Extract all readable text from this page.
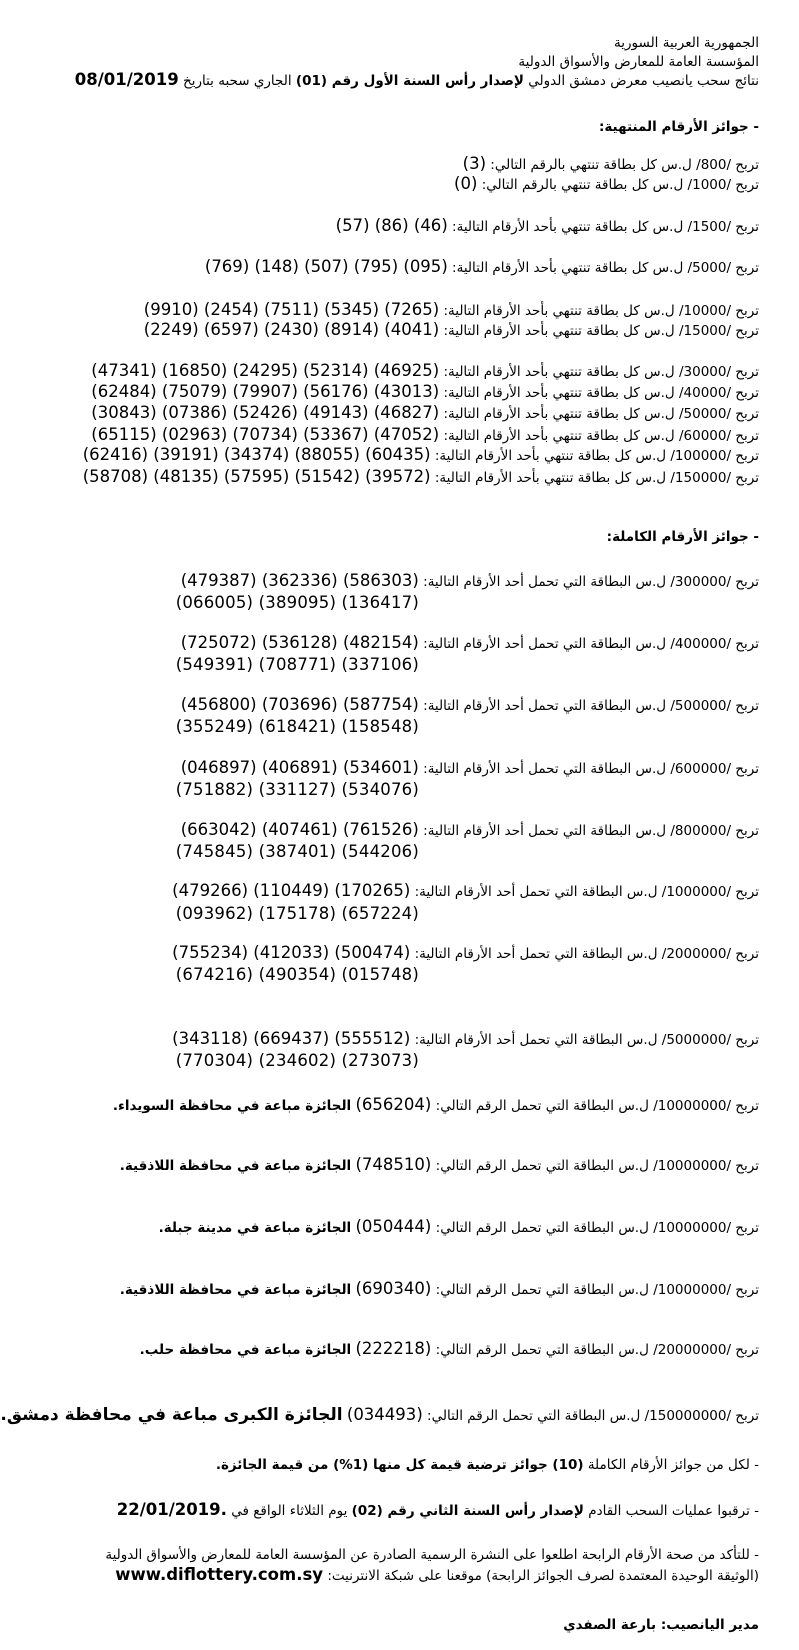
الجمهورية العربية السورية
المؤسسة العامة للمعارض والأسواق الدولية
نتائج سحب يانصيب معرض دمشق الدولي لإصدار رأس السنة الأول رقم (01) الجاري سحبه بتاريخ 08/01/2019
- جوائز الأرقام المنتهية:
تربح /800/ ل.س كل بطاقة تنتهي بالرقم التالي: (3)
تربح /1000/ ل.س كل بطاقة تنتهي بالرقم التالي: (0)
تربح /1500/ ل.س كل بطاقة تنتهي بأحد الأرقام التالية: (46) (86) (57)
تربح /5000/ ل.س كل بطاقة تنتهي بأحد الأرقام التالية: (095) (795) (507) (148) (769)
تربح /10000/ ل.س كل بطاقة تنتهي بأحد الأرقام التالية: (7265) (5345) (7511) (2454) (9910)
تربح /15000/ ل.س كل بطاقة تنتهي بأحد الأرقام التالية: (4041) (8914) (2430) (6597) (2249)
تربح /30000/ ل.س كل بطاقة تنتهي بأحد الأرقام التالية: (46925) (52314) (24295) (16850) (47341)
تربح /40000/ ل.س كل بطاقة تنتهي بأحد الأرقام التالية: (43013) (56176) (79907) (75079) (62484)
تربح /50000/ ل.س كل بطاقة تنتهي بأحد الأرقام التالية: (46827) (49143) (52426) (07386) (30843)
تربح /60000/ ل.س كل بطاقة تنتهي بأحد الأرقام التالية: (47052) (53367) (70734) (02963) (65115)
تربح /100000/ ل.س كل بطاقة تنتهي بأحد الأرقام التالية: (60435) (88055) (34374) (39191) (62416)
تربح /150000/ ل.س كل بطاقة تنتهي بأحد الأرقام التالية: (39572) (51542) (57595) (48135) (58708)
- جوائز الأرقام الكاملة:
تربح /300000/ ل.س البطاقة التي تحمل أحد الأرقام التالية: (586303) (362336) (479387)
(136417) (389095) (066005)
تربح /400000/ ل.س البطاقة التي تحمل أحد الأرقام التالية: (482154) (536128) (725072)
(337106) (708771) (549391)
تربح /500000/ ل.س البطاقة التي تحمل أحد الأرقام التالية: (587754) (703696) (456800)
(158548) (618421) (355249)
تربح /600000/ ل.س البطاقة التي تحمل أحد الأرقام التالية: (534601) (406891) (046897)
(534076) (331127) (751882)
تربح /800000/ ل.س البطاقة التي تحمل أحد الأرقام التالية: (761526) (407461) (663042)
(544206) (387401) (745845)
تربح /1000000/ ل.س البطاقة التي تحمل أحد الأرقام التالية: (170265) (110449) (479266)
(657224) (175178) (093962)
تربح /2000000/ ل.س البطاقة التي تحمل أحد الأرقام التالية: (500474) (412033) (755234)
(015748) (490354) (674216)
تربح /5000000/ ل.س البطاقة التي تحمل أحد الأرقام التالية: (555512) (669437) (343118)
(273073) (234602) (770304)
تربح /10000000/ ل.س البطاقة التي تحمل الرقم التالي: (656204) الجائزة مباعة في محافظة السويداء.
تربح /10000000/ ل.س البطاقة التي تحمل الرقم التالي: (748510) الجائزة مباعة في محافظة اللاذقية.
تربح /10000000/ ل.س البطاقة التي تحمل الرقم التالي: (050444) الجائزة مباعة في مدينة جبلة.
تربح /10000000/ ل.س البطاقة التي تحمل الرقم التالي: (690340) الجائزة مباعة في محافظة اللاذقية.
تربح /20000000/ ل.س البطاقة التي تحمل الرقم التالي: (222218) الجائزة مباعة في محافظة حلب.
تربح /150000000/ ل.س البطاقة التي تحمل الرقم التالي: (034493) الجائزة الكبرى مباعة في محافظة دمشق.
- لكل من جوائز الأرقام الكاملة (10) جوائز ترضية قيمة كل منها (1%) من قيمة الجائزة.
- ترقبوا عمليات السحب القادم لإصدار رأس السنة الثاني رقم (02) يوم الثلاثاء الواقع في 22/01/2019.
- للتأكد من صحة الأرقام الرابحة اطلعوا على النشرة الرسمية الصادرة عن المؤسسة العامة للمعارض والأسواق الدولية
(الوثيقة الوحيدة المعتمدة لصرف الجوائز الرابحة) موقعنا على شبكة الانترنيت: www.diflottery.com.sy
مدير اليانصيب: بارعة الصفدي
